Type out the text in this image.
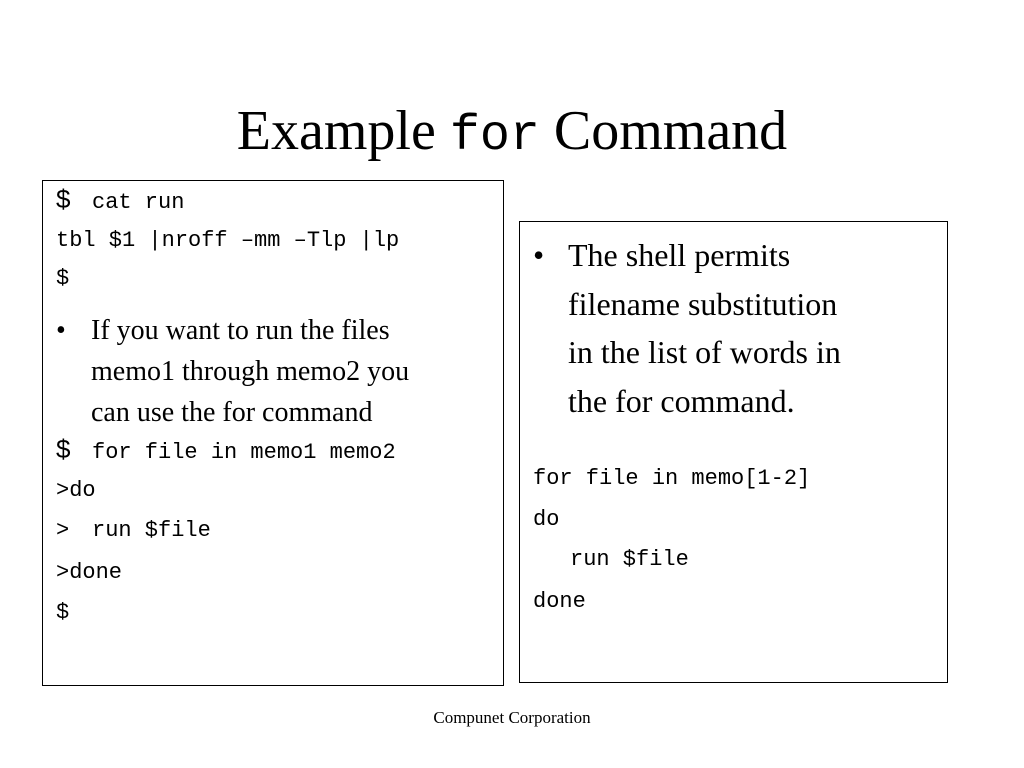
Example for Command
$ cat run
tbl $1 |nroff –mm –Tlp |lp
$
• If you want to run the files
memo1 through memo2 you
can use the for command
$ for file in memo1 memo2
>do
> run $file
>done
$
• The shell permits
filename substitution
in the list of words in
the for command.
for file in memo[1-2]
do
run $file
done
Compunet Corporation
